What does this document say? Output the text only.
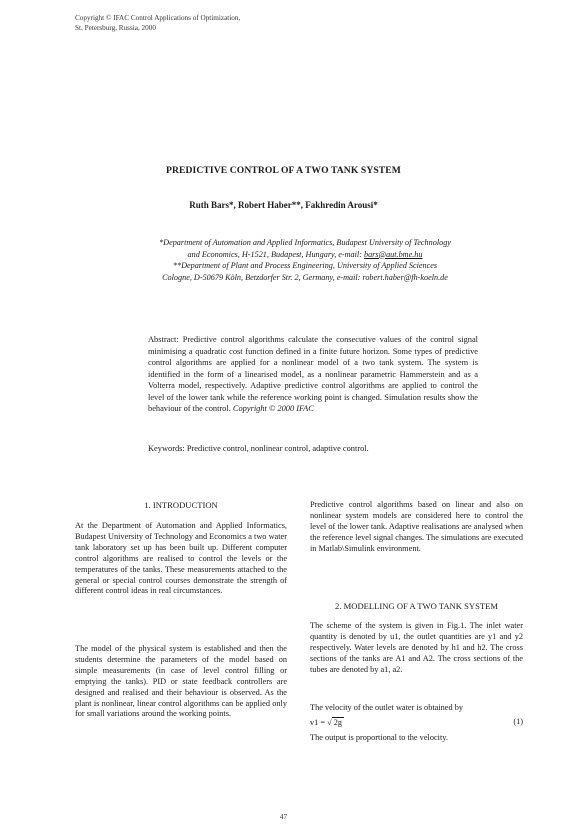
Copyright © IFAC Control Applications of Optimization,
St. Petersburg, Russia, 2000
PREDICTIVE CONTROL OF A TWO TANK SYSTEM
Ruth Bars*, Robert Haber**, Fakhredin Arousi*
*Department of Automation and Applied Informatics, Budapest University of Technology
and Economics, H-1521, Budapest, Hungary, e-mail: bars@aut.bme.hu
**Department of Plant and Process Engineering, University of Applied Sciences
Cologne, D-50679 Köln, Betzdorfer Str. 2, Germany, e-mail: robert.haber@fh-koeln.de
Abstract: Predictive control algorithms calculate the consecutive values of the control signal minimising a quadratic cost function defined in a finite future horizon. Some types of predictive control algorithms are applied for a nonlinear model of a two tank system. The system is identified in the form of a linearised model, as a nonlinear parametric Hammerstein and as a Volterra model, respectively. Adaptive predictive control algorithms are applied to control the level of the lower tank while the reference working point is changed. Simulation results show the behaviour of the control. Copyright © 2000 IFAC
Keywords: Predictive control, nonlinear control, adaptive control.
1. INTRODUCTION

At the Department of Automation and Applied Informatics, Budapest University of Technology and Economics a two water tank laboratory set up has been built up. Different computer control algorithms are realised to control the levels or the temperatures of the tanks. These measurements attached to the general or special control courses demonstrate the strength of different control ideas in real circumstances.

The model of the physical system is established and then the students determine the parameters of the model based on simple measurements (in case of level control filling or emptying the tanks). PID or state feedback controllers are designed and realised and their behaviour is observed. As the plant is nonlinear, linear control algorithms can be applied only for small variations around the working points.

Predictive control algorithms based on linear and also on nonlinear system models are considered here to control the level of the lower tank. Adaptive realisations are analysed when the reference level signal changes. The simulations are executed in Matlab\Simulink environment.

2. MODELLING OF A TWO TANK SYSTEM

The scheme of the system is given in Fig.1. The inlet water quantity is denoted by u1, the outlet quantities are y1 and y2 respectively. Water levels are denoted by h1 and h2. The cross sections of the tanks are A1 and A2. The cross sections of the tubes are denoted by a1, a2.

The velocity of the outlet water is obtained by

v1 = √ 2g	(1)

The output is proportional to the velocity.

47
